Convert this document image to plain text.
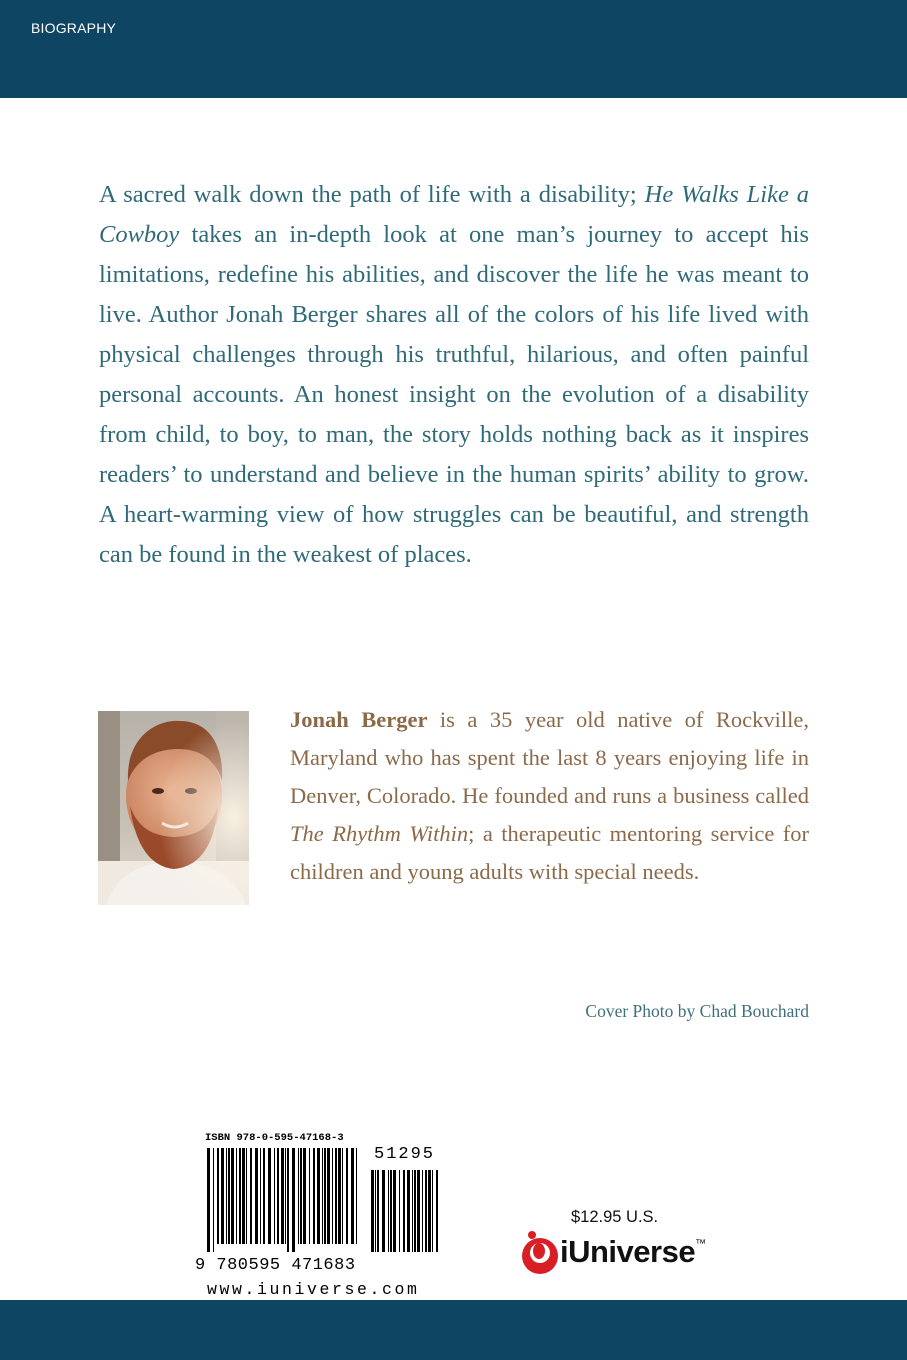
BIOGRAPHY

A sacred walk down the path of life with a disability; He Walks Like a Cowboy takes an in-depth look at one man’s journey to accept his limitations, redefine his abilities, and discover the life he was meant to live. Author Jonah Berger shares all of the colors of his life lived with physical challenges through his truthful, hilarious, and often painful personal accounts. An honest insight on the evolution of a disability from child, to boy, to man, the story holds nothing back as it inspires readers’ to understand and believe in the human spirits’ ability to grow. A heart-warming view of how struggles can be beautiful, and strength can be found in the weakest of places.

Jonah Berger is a 35 year old native of Rockville, Maryland who has spent the last 8 years enjoying life in Denver, Colorado. He founded and runs a business called The Rhythm Within; a therapeutic mentoring service for children and young adults with special needs.

Cover Photo by Chad Bouchard
ISBN 978-0-595-47168-3
51295
9 780595 471683
www.iuniverse.com
$12.95 U.S.
iUniverse™
